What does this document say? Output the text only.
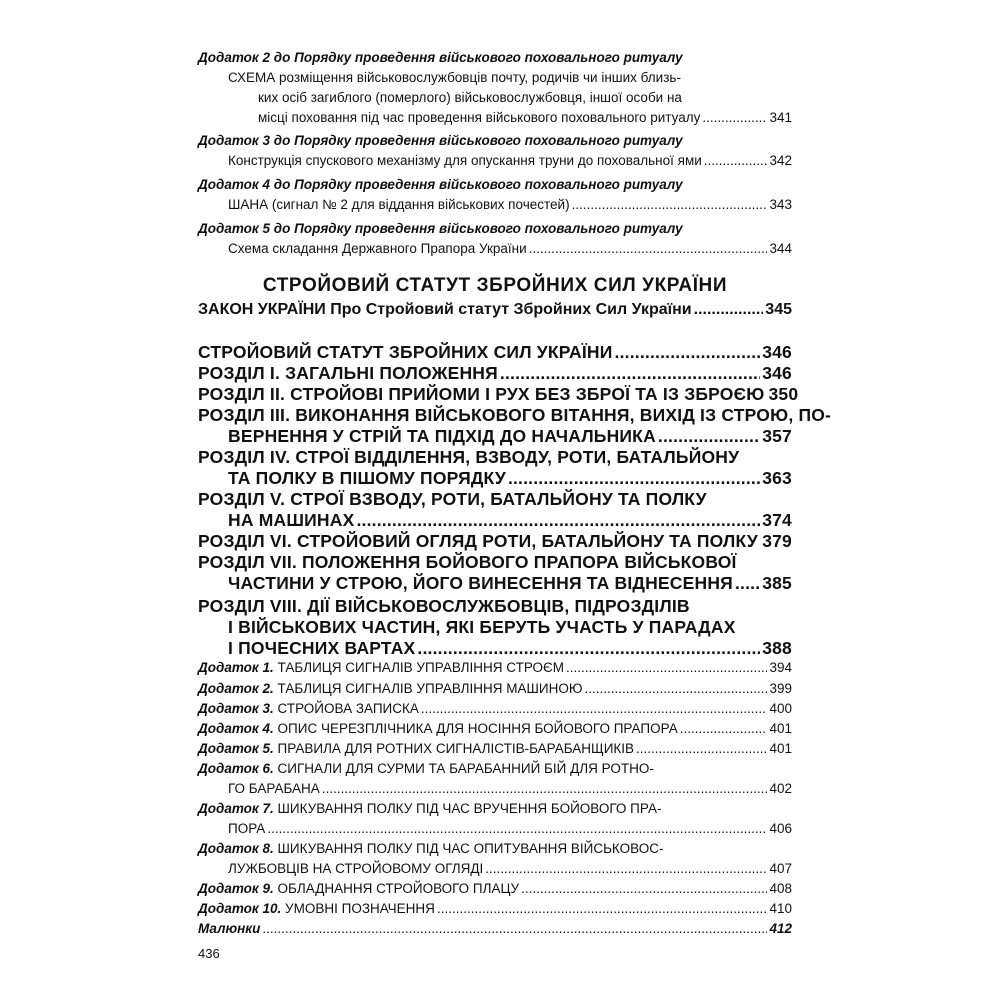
Додаток 2 до Порядку проведення військового поховального ритуалу
СХЕМА розміщення військовослужбовців почту, родичів чи інших близь-
ких осіб загиблого (померлого) військовослужбовця, іншої особи на
місці поховання під час проведення військового поховального ритуалу .....	341
Додаток 3 до Порядку проведення військового поховального ритуалу
Конструкція спускового механізму для опускання труни до поховальної ями .....	342
Додаток 4 до Порядку проведення військового поховального ритуалу
ШАНА (сигнал № 2 для віддання військових почестей) .....	343
Додаток 5 до Порядку проведення військового поховального ритуалу
Схема складання Державного Прапора України .....	344
СТРОЙОВИЙ СТАТУТ ЗБРОЙНИХ СИЛ УКРАЇНИ
ЗАКОН УКРАЇНИ Про Стройовий статут Збройних Сил України .....	345
СТРОЙОВИЙ СТАТУТ ЗБРОЙНИХ СИЛ УКРАЇНИ .....	346
РОЗДІЛ I. ЗАГАЛЬНІ ПОЛОЖЕННЯ .....	346
РОЗДІЛ II. СТРОЙОВІ ПРИЙОМИ І РУХ БЕЗ ЗБРОЇ ТА ІЗ ЗБРОЄЮ 350
РОЗДІЛ III. ВИКОНАННЯ ВІЙСЬКОВОГО ВІТАННЯ, ВИХІД ІЗ СТРОЮ, ПО-
ВЕРНЕННЯ У СТРІЙ ТА ПІДХІД ДО НАЧАЛЬНИКА .....	357
РОЗДІЛ IV. СТРОЇ ВІДДІЛЕННЯ, ВЗВОДУ, РОТИ, БАТАЛЬЙОНУ
ТА ПОЛКУ В ПІШОМУ ПОРЯДКУ .....	363
РОЗДІЛ V. СТРОЇ ВЗВОДУ, РОТИ, БАТАЛЬЙОНУ ТА ПОЛКУ
НА МАШИНАХ .....	374
РОЗДІЛ VI. СТРОЙОВИЙ ОГЛЯД РОТИ, БАТАЛЬЙОНУ ТА ПОЛКУ ..... 379
РОЗДІЛ VII. ПОЛОЖЕННЯ БОЙОВОГО ПРАПОРА ВІЙСЬКОВОЇ
ЧАСТИНИ У СТРОЮ, ЙОГО ВИНЕСЕННЯ ТА ВІДНЕСЕННЯ ..... 385
РОЗДІЛ VIII. ДІЇ ВІЙСЬКОВОСЛУЖБОВЦІВ, ПІДРОЗДІЛІВ
І ВІЙСЬКОВИХ ЧАСТИН, ЯКІ БЕРУТЬ УЧАСТЬ У ПАРАДАХ
І ПОЧЕСНИХ ВАРТАХ .....	388
Додаток 1. ТАБЛИЦЯ СИГНАЛІВ УПРАВЛІННЯ СТРОЄМ .....	394
Додаток 2. ТАБЛИЦЯ СИГНАЛІВ УПРАВЛІННЯ МАШИНОЮ .....	399
Додаток 3. СТРОЙОВА ЗАПИСКА .....	400
Додаток 4. ОПИС ЧЕРЕЗПЛІЧНИКА ДЛЯ НОСІННЯ БОЙОВОГО ПРАПОРА .....	401
Додаток 5. ПРАВИЛА ДЛЯ РОТНИХ СИГНАЛІСТІВ-БАРАБАНЩИКІВ .....	401
Додаток 6. СИГНАЛИ ДЛЯ СУРМИ ТА БАРАБАННИЙ БІЙ ДЛЯ РОТНО-
ГО БАРАБАНА .....	402
Додаток 7. ШИКУВАННЯ ПОЛКУ ПІД ЧАС ВРУЧЕННЯ БОЙОВОГО ПРА-
ПОРА .....	406
Додаток 8. ШИКУВАННЯ ПОЛКУ ПІД ЧАС ОПИТУВАННЯ ВІЙСЬКОВОС-
ЛУЖБОВЦІВ НА СТРОЙОВОМУ ОГЛЯДІ .....	407
Додаток 9. ОБЛАДНАННЯ СТРОЙОВОГО ПЛАЦУ .....	408
Додаток 10. УМОВНІ ПОЗНАЧЕННЯ .....	410
Малюнки .....	412
436
